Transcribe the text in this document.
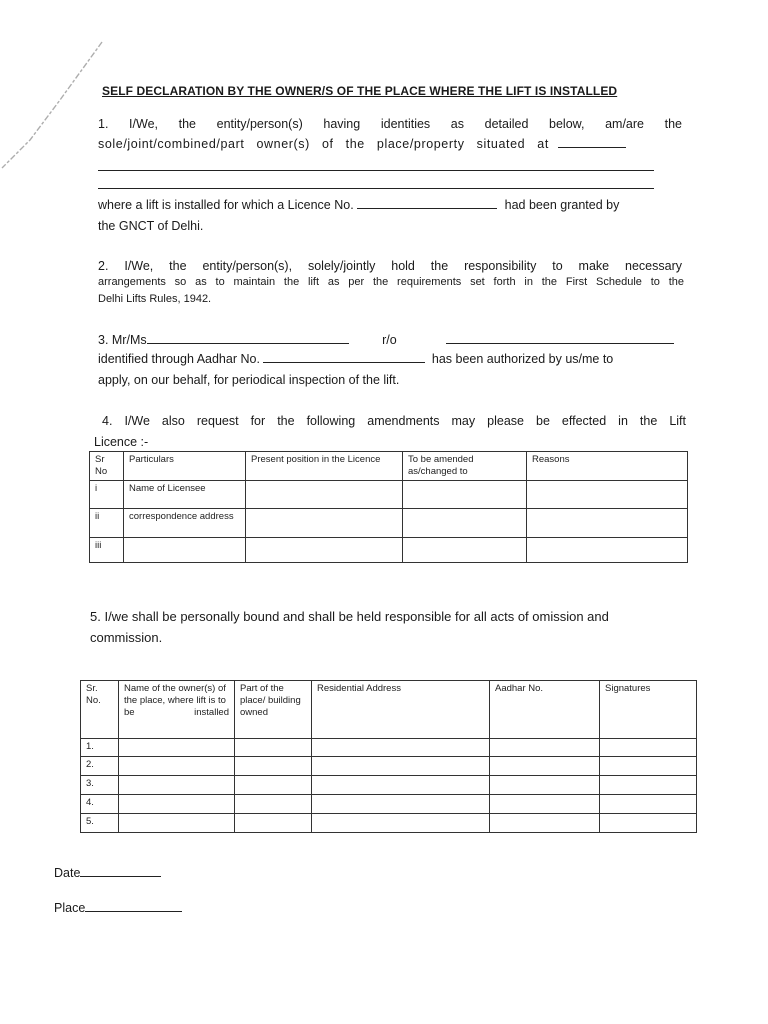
SELF DECLARATION BY THE OWNER/S OF THE PLACE WHERE THE LIFT IS INSTALLED
1. I/We, the entity/person(s) having identities as detailed below, am/are the
sole/joint/combined/part owner(s) of the place/property situated at
where a lift is installed for which a Licence No.	had been granted by
the GNCT of Delhi.
2. I/We, the entity/person(s), solely/jointly hold the responsibility to make necessary
arrangements so as to maintain the lift as per the requirements set forth in the First Schedule to the
Delhi Lifts Rules, 1942.
3. Mr/Ms	r/o
identified through Aadhar No.	has been authorized by us/me to
apply, on our behalf, for periodical inspection of the lift.
4. I/We also request for the following amendments may please be effected in the Lift
Licence :-
Sr No	Particulars	Present position in the Licence	To be amended as/changed to	Reasons
i	Name of Licensee			
ii	correspondence address			
iii				
5. I/we shall be personally bound and shall be held responsible for all acts of omission and
commission.
Sr. No.	Name of the owner(s) of the place, where lift is to be installed	Part of the place/ building owned	Residential Address	Aadhar No.	Signatures
1.					
2.					
3.					
4.					
5.					
Date
Place
